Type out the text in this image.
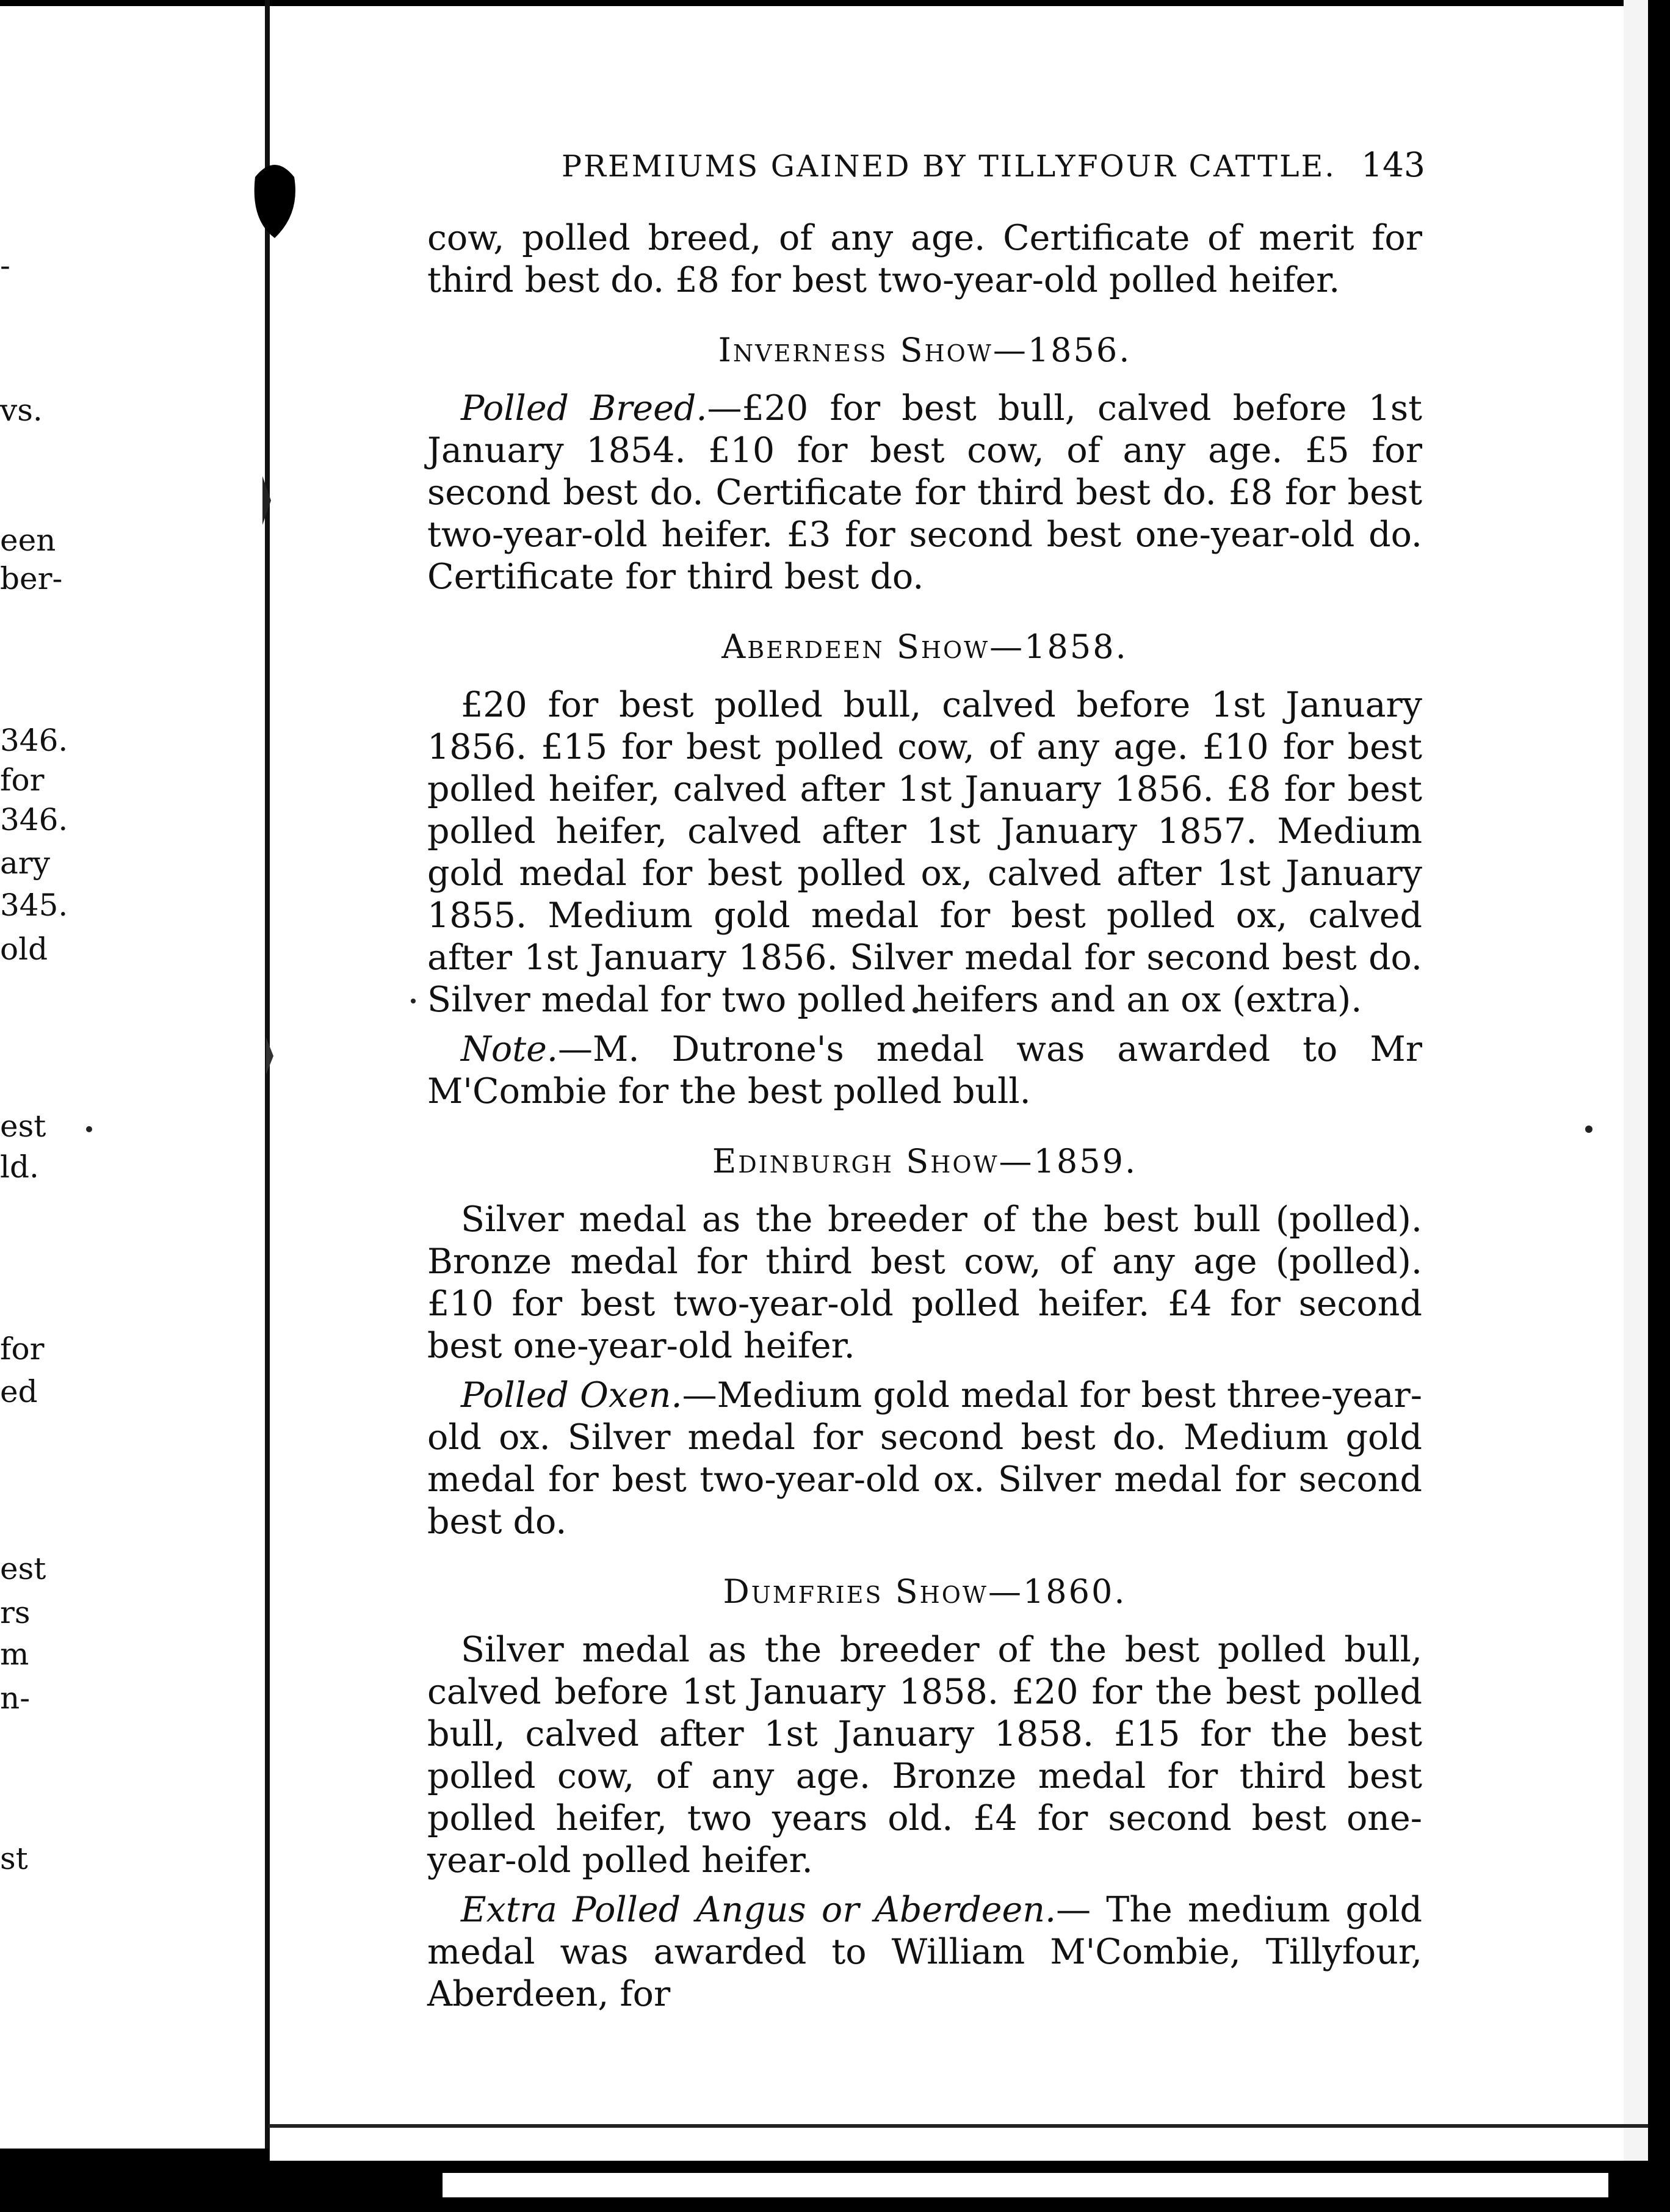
-
vs.
een
ber-
346.
for
346.
ary
345.
old
est
ld.
for
ed
est
rs
m
n-
st
PREMIUMS GAINED BY TILLYFOUR CATTLE. 143

cow, polled breed, of any age. Certificate of merit for third best do. £8 for best two-year-old polled heifer.

Inverness Show—1856.

Polled Breed.—£20 for best bull, calved before 1st January 1854. £10 for best cow, of any age. £5 for second best do. Certificate for third best do. £8 for best two-year-old heifer. £3 for second best one-year-old do. Certificate for third best do.

Aberdeen Show—1858.

£20 for best polled bull, calved before 1st January 1856. £15 for best polled cow, of any age. £10 for best polled heifer, calved after 1st January 1856. £8 for best polled heifer, calved after 1st January 1857. Medium gold medal for best polled ox, calved after 1st January 1855. Medium gold medal for best polled ox, calved after 1st January 1856. Silver medal for second best do. Silver medal for two polled heifers and an ox (extra).

Note.—M. Dutrone's medal was awarded to Mr M'Combie for the best polled bull.

Edinburgh Show—1859.

Silver medal as the breeder of the best bull (polled). Bronze medal for third best cow, of any age (polled). £10 for best two-year-old polled heifer. £4 for second best one-year-old heifer.

Polled Oxen.—Medium gold medal for best three-year-old ox. Silver medal for second best do. Medium gold medal for best two-year-old ox. Silver medal for second best do.

Dumfries Show—1860.

Silver medal as the breeder of the best polled bull, calved before 1st January 1858. £20 for the best polled bull, calved after 1st January 1858. £15 for the best polled cow, of any age. Bronze medal for third best polled heifer, two years old. £4 for second best one-year-old polled heifer.

Extra Polled Angus or Aberdeen.— The medium gold medal was awarded to William M'Combie, Tillyfour, Aberdeen, for
